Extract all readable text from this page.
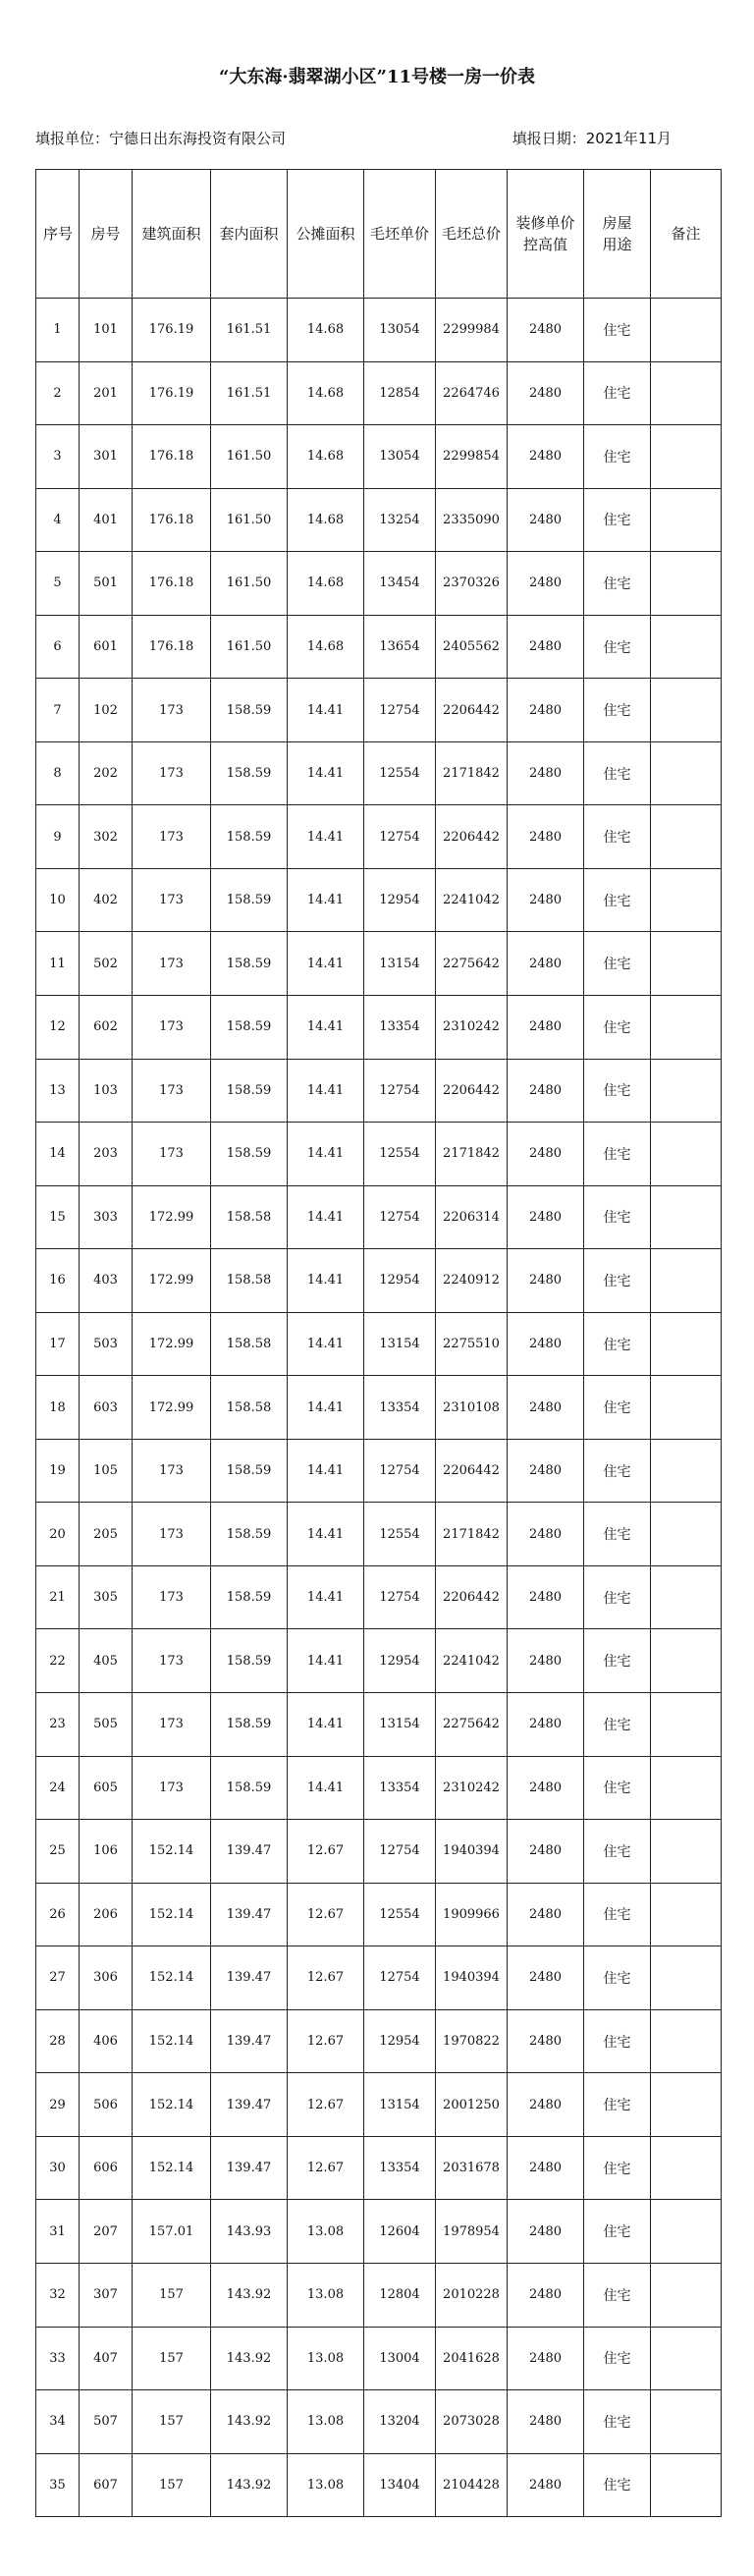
“大东海·翡翠湖小区”11号楼一房一价表
填报单位：宁德日出东海投资有限公司	填报日期：2021年11月
序号	房号	建筑面积	套内面积	公摊面积	毛坯单价	毛坯总价	装修单价控高值	房屋用途	备注
1	101	176.19	161.51	14.68	13054	2299984	2480	住宅	
2	201	176.19	161.51	14.68	12854	2264746	2480	住宅	
3	301	176.18	161.50	14.68	13054	2299854	2480	住宅	
4	401	176.18	161.50	14.68	13254	2335090	2480	住宅	
5	501	176.18	161.50	14.68	13454	2370326	2480	住宅	
6	601	176.18	161.50	14.68	13654	2405562	2480	住宅	
7	102	173	158.59	14.41	12754	2206442	2480	住宅	
8	202	173	158.59	14.41	12554	2171842	2480	住宅	
9	302	173	158.59	14.41	12754	2206442	2480	住宅	
10	402	173	158.59	14.41	12954	2241042	2480	住宅	
11	502	173	158.59	14.41	13154	2275642	2480	住宅	
12	602	173	158.59	14.41	13354	2310242	2480	住宅	
13	103	173	158.59	14.41	12754	2206442	2480	住宅	
14	203	173	158.59	14.41	12554	2171842	2480	住宅	
15	303	172.99	158.58	14.41	12754	2206314	2480	住宅	
16	403	172.99	158.58	14.41	12954	2240912	2480	住宅	
17	503	172.99	158.58	14.41	13154	2275510	2480	住宅	
18	603	172.99	158.58	14.41	13354	2310108	2480	住宅	
19	105	173	158.59	14.41	12754	2206442	2480	住宅	
20	205	173	158.59	14.41	12554	2171842	2480	住宅	
21	305	173	158.59	14.41	12754	2206442	2480	住宅	
22	405	173	158.59	14.41	12954	2241042	2480	住宅	
23	505	173	158.59	14.41	13154	2275642	2480	住宅	
24	605	173	158.59	14.41	13354	2310242	2480	住宅	
25	106	152.14	139.47	12.67	12754	1940394	2480	住宅	
26	206	152.14	139.47	12.67	12554	1909966	2480	住宅	
27	306	152.14	139.47	12.67	12754	1940394	2480	住宅	
28	406	152.14	139.47	12.67	12954	1970822	2480	住宅	
29	506	152.14	139.47	12.67	13154	2001250	2480	住宅	
30	606	152.14	139.47	12.67	13354	2031678	2480	住宅	
31	207	157.01	143.93	13.08	12604	1978954	2480	住宅	
32	307	157	143.92	13.08	12804	2010228	2480	住宅	
33	407	157	143.92	13.08	13004	2041628	2480	住宅	
34	507	157	143.92	13.08	13204	2073028	2480	住宅	
35	607	157	143.92	13.08	13404	2104428	2480	住宅	
